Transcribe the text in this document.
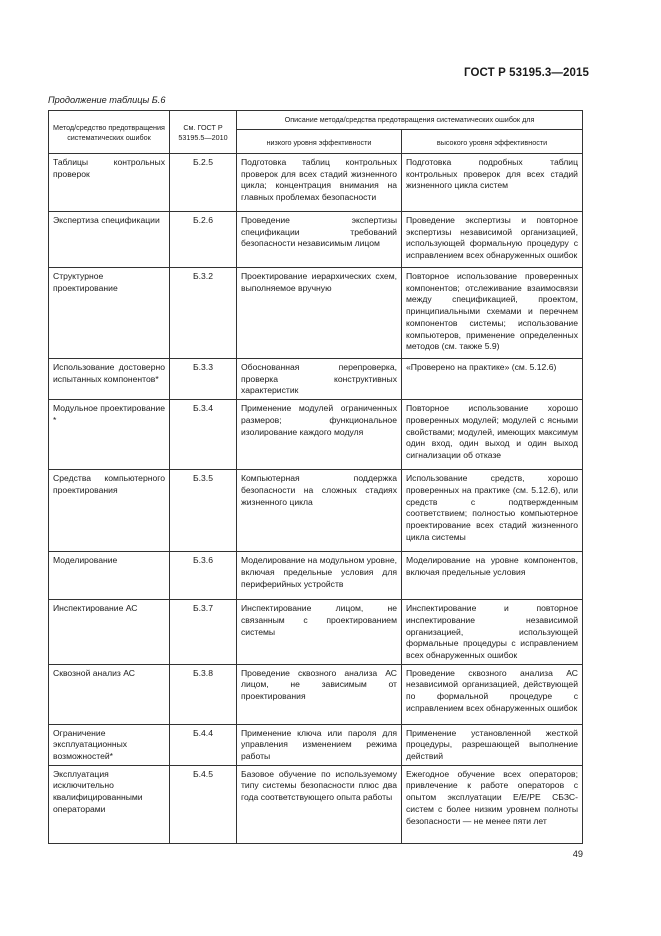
ГОСТ Р 53195.3—2015
Продолжение таблицы Б.6
Метод/средство предотвращения систематических ошибок	См. ГОСТ Р 53195.5—2010	Описание метода/средства предотвращения систематических ошибок для	
		низкого уровня эффективности	высокого уровня эффективности
Таблицы контрольных проверок	Б.2.5	Подготовка таблиц контрольных проверок для всех стадий жизненного цикла; концентрация внимания на главных проблемах безопасности	Подготовка подробных таблиц контрольных проверок для всех стадий жизненного цикла систем
Экспертиза спецификации	Б.2.6	Проведение экспертизы спецификации требований безопасности независимым лицом	Проведение экспертизы и повторное экспертизы независимой организацией, использующей формальную процедуру с исправлением всех обнаруженных ошибок
Структурное проектирование	Б.3.2	Проектирование иерархических схем, выполняемое вручную	Повторное использование проверенных компонентов; отслеживание взаимосвязи между спецификацией, проектом, принципиальными схемами и перечнем компонентов системы; использование компьютеров, применение определенных методов (см. также 5.9)
Использование достоверно испытанных компонентов*	Б.3.3	Обоснованная перепроверка, проверка конструктивных характеристик	«Проверено на практике» (см. 5.12.6)
Модульное проектирование *	Б.3.4	Применение модулей ограниченных размеров; функциональное изолирование каждого модуля	Повторное использование хорошо проверенных модулей; модулей с ясными свойствами; модулей, имеющих максимум один вход, один выход и один выход сигнализации об отказе
Средства компьютерного проектирования	Б.3.5	Компьютерная поддержка безопасности на сложных стадиях жизненного цикла	Использование средств, хорошо проверенных на практике (см. 5.12.6), или средств с подтвержденным соответствием; полностью компьютерное проектирование всех стадий жизненного цикла системы
Моделирование	Б.3.6	Моделирование на модульном уровне, включая предельные условия для периферийных устройств	Моделирование на уровне компонентов, включая предельные условия
Инспектирование АС	Б.3.7	Инспектирование лицом, не связанным с проектированием системы	Инспектирование и повторное инспектирование независимой организацией, использующей формальные процедуры с исправлением всех обнаруженных ошибок
Сквозной анализ АС	Б.3.8	Проведение сквозного анализа АС лицом, не зависимым от проектирования	Проведение сквозного анализа АС независимой организацией, действующей по формальной процедуре с исправлением всех обнаруженных ошибок
Ограничение эксплуатационных возможностей*	Б.4.4	Применение ключа или пароля для управления изменением режима работы	Применение установленной жесткой процедуры, разрешающей выполнение действий
Эксплуатация исключительно квалифицированными операторами	Б.4.5	Базовое обучение по используемому типу системы безопасности плюс два года соответствующего опыта работы	Ежегодное обучение всех операторов; привлечение к работе операторов с опытом эксплуатации Е/Е/РЕ СБЗС-систем с более низким уровнем полноты безопасности — не менее пяти лет
49
